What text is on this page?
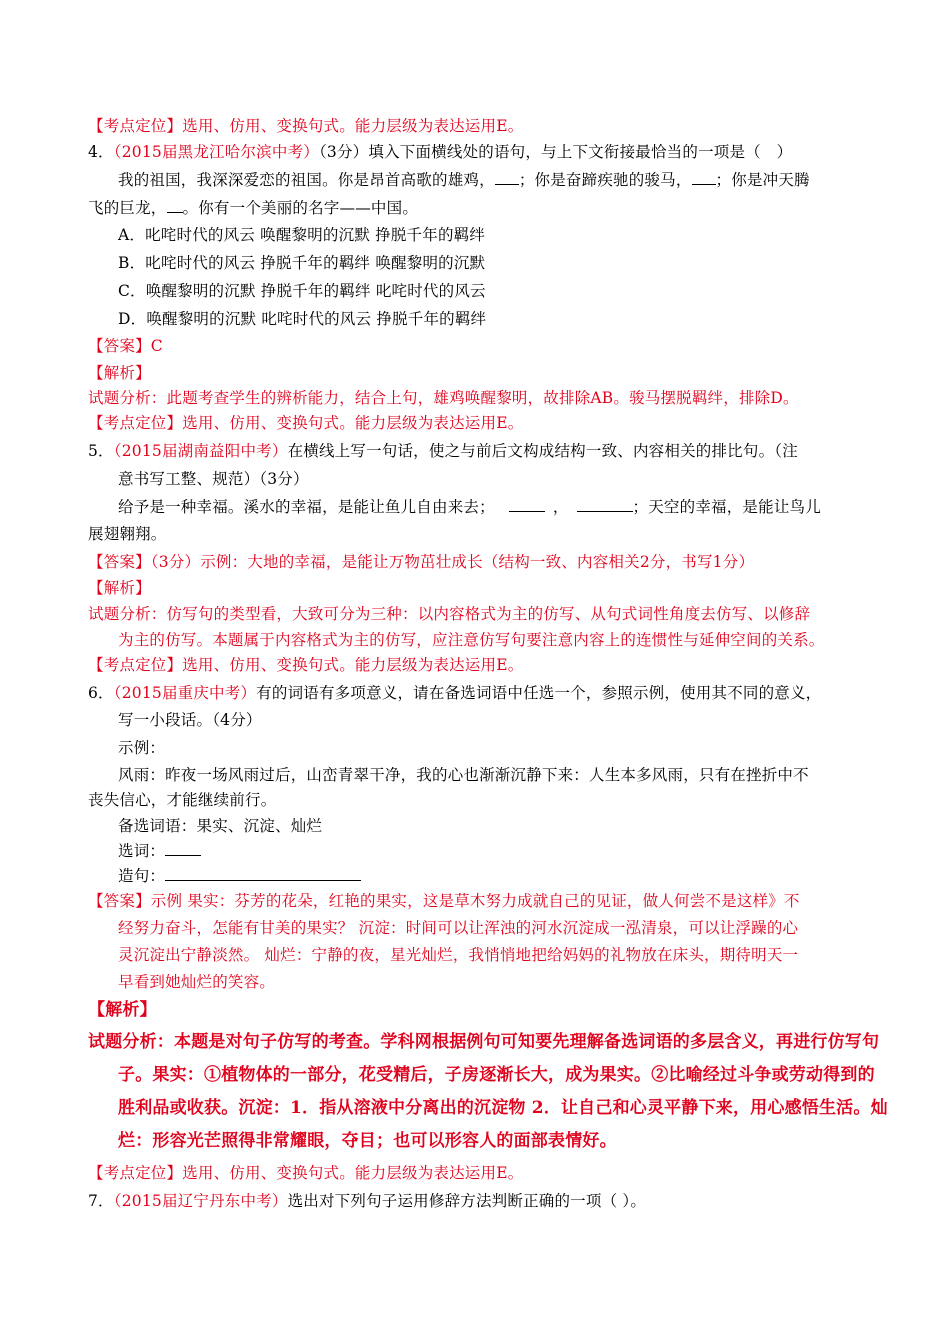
【考点定位】选用、仿用、变换句式。能力层级为表达运用E。
4．（2015届黑龙江哈尔滨中考）（3分）填入下面横线处的语句，与上下文衔接最恰当的一项是（　）
我的祖国，我深深爱恋的祖国。你是昂首高歌的雄鸡， ；你是奋蹄疾驰的骏马， ；你是冲天腾
飞的巨龙， 。你有一个美丽的名字——中国。
A．叱咤时代的风云 唤醒黎明的沉默 挣脱千年的羁绊
B．叱咤时代的风云 挣脱千年的羁绊 唤醒黎明的沉默
C．唤醒黎明的沉默 挣脱千年的羁绊 叱咤时代的风云
D．唤醒黎明的沉默 叱咤时代的风云 挣脱千年的羁绊
【答案】C
【解析】
试题分析：此题考查学生的辨析能力，结合上句，雄鸡唤醒黎明，故排除AB。骏马摆脱羁绊，排除D。
【考点定位】选用、仿用、变换句式。能力层级为表达运用E。
5．（2015届湖南益阳中考）在横线上写一句话，使之与前后文构成结构一致、内容相关的排比句。（注
意书写工整、规范）（3分）
给予是一种幸福。溪水的幸福，是能让鱼儿自由来去；	，	；天空的幸福，是能让鸟儿
展翅翱翔。
【答案】（3分）示例：大地的幸福，是能让万物茁壮成长（结构一致、内容相关2分，书写1分）
【解析】
试题分析：仿写句的类型看，大致可分为三种：以内容格式为主的仿写、从句式词性角度去仿写、以修辞
为主的仿写。本题属于内容格式为主的仿写，应注意仿写句要注意内容上的连惯性与延伸空间的关系。
【考点定位】选用、仿用、变换句式。能力层级为表达运用E。
6．（2015届重庆中考）有的词语有多项意义，请在备选词语中任选一个，参照示例，使用其不同的意义，
写一小段话。（4分）
示例：
风雨：昨夜一场风雨过后，山峦青翠干净，我的心也渐渐沉静下来：人生本多风雨，只有在挫折中不
丧失信心，才能继续前行。
备选词语：果实、沉淀、灿烂
选词：
造句：
【答案】示例 果实：芬芳的花朵，红艳的果实，这是草木努力成就自己的见证，做人何尝不是这样》不
经努力奋斗，怎能有甘美的果实？ 沉淀：时间可以让浑浊的河水沉淀成一泓清泉，可以让浮躁的心
灵沉淀出宁静淡然。 灿烂：宁静的夜，星光灿烂，我悄悄地把给妈妈的礼物放在床头，期待明天一
早看到她灿烂的笑容。
【解析】
试题分析：本题是对句子仿写的考查。学科网根据例句可知要先理解备选词语的多层含义，再进行仿写句
子。果实：①植物体的一部分，花受精后，子房逐渐长大，成为果实。②比喻经过斗争或劳动得到的
胜利品或收获。沉淀：1．指从溶液中分离出的沉淀物 2．让自己和心灵平静下来，用心感悟生活。灿
烂：形容光芒照得非常耀眼，夺目；也可以形容人的面部表情好。
【考点定位】选用、仿用、变换句式。能力层级为表达运用E。
7．（2015届辽宁丹东中考）选出对下列句子运用修辞方法判断正确的一项（ ）。
